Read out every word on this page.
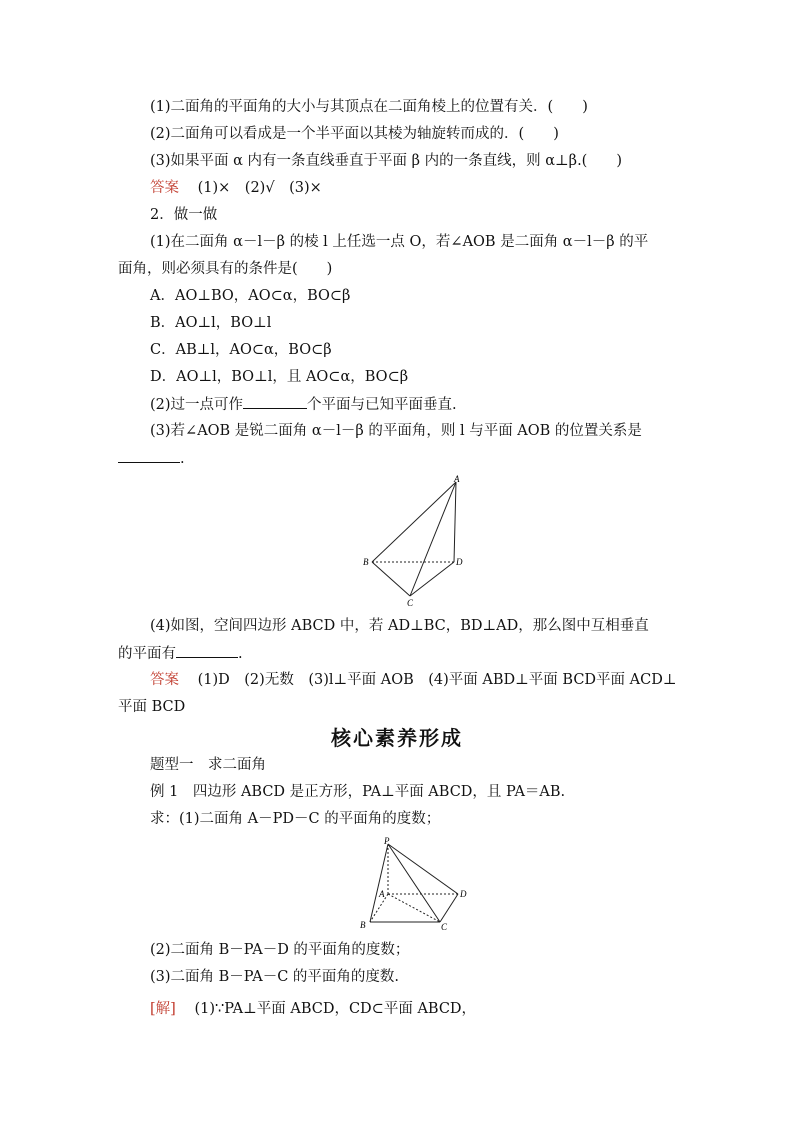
(1)二面角的平面角的大小与其顶点在二面角棱上的位置有关．(　　)
(2)二面角可以看成是一个半平面以其棱为轴旋转而成的．(　　)
(3)如果平面 α 内有一条直线垂直于平面 β 内的一条直线，则 α⊥β.(　　)
答案 (1)×　(2)√　(3)×
2．做一做
(1)在二面角 α－l－β 的棱 l 上任选一点 O，若∠AOB 是二面角 α－l－β 的平
面角，则必须具有的条件是(　　)
A．AO⊥BO，AO⊂α，BO⊂β
B．AO⊥l，BO⊥l
C．AB⊥l，AO⊂α，BO⊂β
D．AO⊥l，BO⊥l，且 AO⊂α，BO⊂β
(2)过一点可作	个平面与已知平面垂直.
(3)若∠AOB 是锐二面角 α－l－β 的平面角，则 l 与平面 AOB 的位置关系是
.
A
B
C
D
(4)如图，空间四边形 ABCD 中，若 AD⊥BC，BD⊥AD，那么图中互相垂直
的平面有	.
答案 (1)D　(2)无数　(3)l⊥平面 AOB　(4)平面 ABD⊥平面 BCD平面 ACD⊥
平面 BCD
核心素养形成
题型一　求二面角
例 1　四边形 ABCD 是正方形，PA⊥平面 ABCD，且 PA＝AB.
求：(1)二面角 A－PD－C 的平面角的度数；
P
A
B	C
D
(2)二面角 B－PA－D 的平面角的度数；
(3)二面角 B－PA－C 的平面角的度数.
[解] (1)∵PA⊥平面 ABCD，CD⊂平面 ABCD，
